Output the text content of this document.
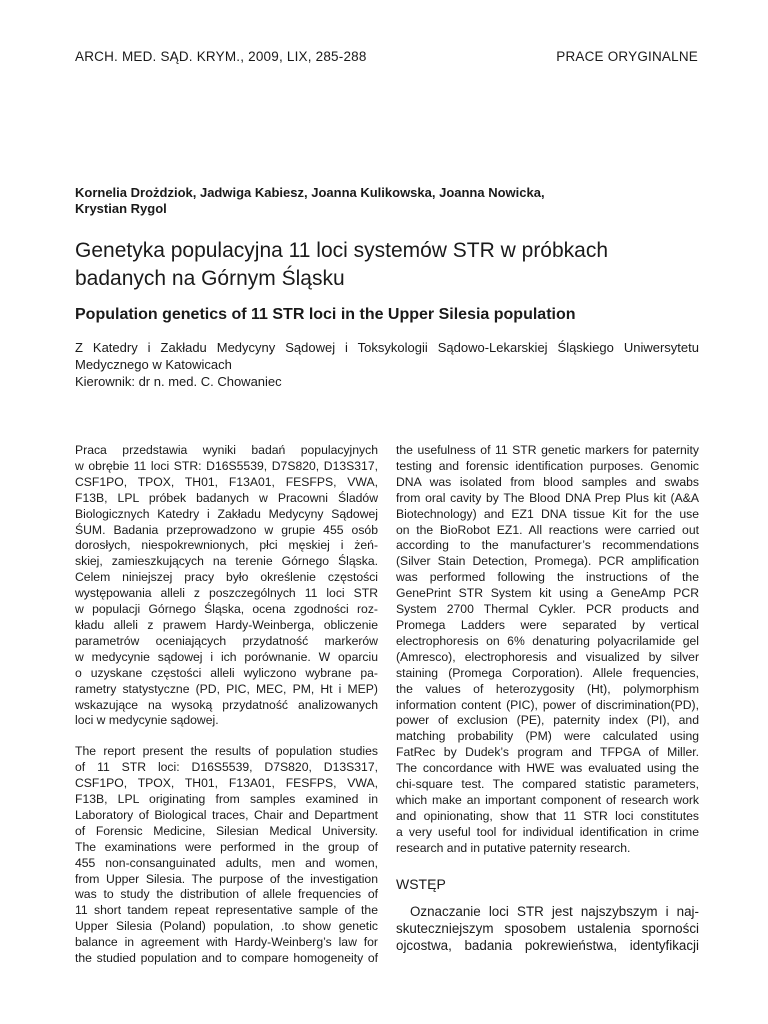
ARCH. MED. SĄD. KRYM., 2009, LIX, 285-288	PRACE ORYGINALNE
Kornelia Drożdziok, Jadwiga Kabiesz, Joanna Kulikowska, Joanna Nowicka,
Krystian Rygol
Genetyka populacyjna 11 loci systemów STR w próbkach
badanych na Górnym Śląsku
Population genetics of 11 STR loci in the Upper Silesia population
Z Katedry i Zakładu Medycyny Sądowej i Toksykologii Sądowo-Lekarskiej Śląskiego Uniwersytetu
Medycznego w Katowicach
Kierownik: dr n. med. C. Chowaniec
Praca przedstawia wyniki badań populacyjnych
w obrębie 11 loci STR: D16S5539, D7S820, D13S317,
CSF1PO, TPOX, TH01, F13A01, FESFPS, VWA,
F13B, LPL próbek badanych w Pracowni Śladów
Biologicznych Katedry i Zakładu Medycyny Sądowej
ŚUM. Badania przeprowadzono w grupie 455 osób
dorosłych, niespokrewnionych, płci męskiej i żeń-
skiej, zamieszkujących na terenie Górnego Śląska.
Celem niniejszej pracy było określenie częstości
występowania alleli z poszczególnych 11 loci STR
w populacji Górnego Śląska, ocena zgodności roz-
kładu alleli z prawem Hardy-Weinberga, obliczenie
parametrów oceniających przydatność markerów
w medycynie sądowej i ich porównanie. W oparciu
o uzyskane częstości alleli wyliczono wybrane pa-
rametry statystyczne (PD, PIC, MEC, PM, Ht i MEP)
wskazujące na wysoką przydatność analizowanych
loci w medycynie sądowej.
The report present the results of population studies
of 11 STR loci: D16S5539, D7S820, D13S317,
CSF1PO, TPOX, TH01, F13A01, FESFPS, VWA,
F13B, LPL originating from samples examined in
Laboratory of Biological traces, Chair and Department
of Forensic Medicine, Silesian Medical University.
The examinations were performed in the group of
455 non-consanguinated adults, men and women,
from Upper Silesia. The purpose of the investigation
was to study the distribution of allele frequencies of
11 short tandem repeat representative sample of the
Upper Silesia (Poland) population, .to show genetic
balance in agreement with Hardy-Weinberg’s law for
the studied population and to compare homogeneity of
the usefulness of 11 STR genetic markers for paternity
testing and forensic identification purposes. Genomic
DNA was isolated from blood samples and swabs
from oral cavity by The Blood DNA Prep Plus kit (A&A
Biotechnology) and EZ1 DNA tissue Kit for the use
on the BioRobot EZ1. All reactions were carried out
according to the manufacturer’s recommendations
(Silver Stain Detection, Promega). PCR amplification
was performed following the instructions of the
GenePrint STR System kit using a GeneAmp PCR
System 2700 Thermal Cykler. PCR products and
Promega Ladders were separated by vertical
electrophoresis on 6% denaturing polyacrilamide gel
(Amresco), electrophoresis and visualized by silver
staining (Promega Corporation). Allele frequencies,
the values of heterozygosity (Ht), polymorphism
information content (PIC), power of discrimination(PD),
power of exclusion (PE), paternity index (PI), and
matching probability (PM) were calculated using
FatRec by Dudek’s program and TFPGA of Miller.
The concordance with HWE was evaluated using the
chi-square test. The compared statistic parameters,
which make an important component of research work
and opinionating, show that 11 STR loci constitutes
a very useful tool for individual identification in crime
research and in putative paternity research.
WSTĘP
Oznaczanie loci STR jest najszybszym i naj-
skuteczniejszym sposobem ustalenia sporności
ojcostwa, badania pokrewieństwa, identyfikacji
